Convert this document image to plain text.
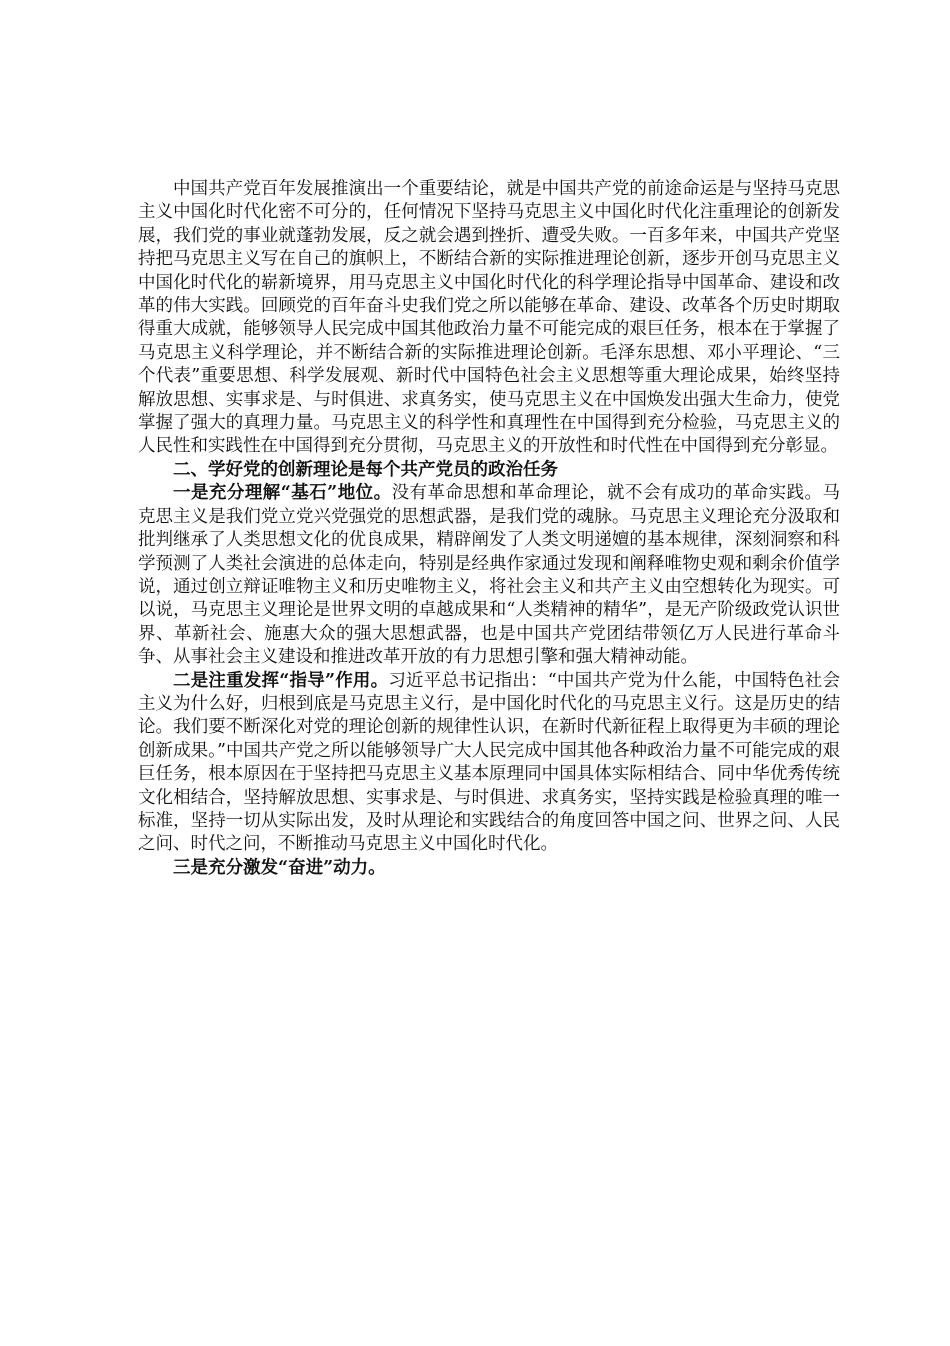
中国共产党百年发展推演出一个重要结论，就是中国共产党的前途命运是与坚持马克思主义中国化时代化密不可分的，任何情况下坚持马克思主义中国化时代化注重理论的创新发展，我们党的事业就蓬勃发展，反之就会遇到挫折、遭受失败。一百多年来，中国共产党坚持把马克思主义写在自己的旗帜上，不断结合新的实际推进理论创新，逐步开创马克思主义中国化时代化的崭新境界，用马克思主义中国化时代化的科学理论指导中国革命、建设和改革的伟大实践。回顾党的百年奋斗史我们党之所以能够在革命、建设、改革各个历史时期取得重大成就，能够领导人民完成中国其他政治力量不可能完成的艰巨任务，根本在于掌握了马克思主义科学理论，并不断结合新的实际推进理论创新。毛泽东思想、邓小平理论、“三个代表”重要思想、科学发展观、新时代中国特色社会主义思想等重大理论成果，始终坚持解放思想、实事求是、与时俱进、求真务实，使马克思主义在中国焕发出强大生命力，使党掌握了强大的真理力量。马克思主义的科学性和真理性在中国得到充分检验，马克思主义的人民性和实践性在中国得到充分贯彻，马克思主义的开放性和时代性在中国得到充分彰显。

二、学好党的创新理论是每个共产党员的政治任务

一是充分理解“基石”地位。没有革命思想和革命理论，就不会有成功的革命实践。马克思主义是我们党立党兴党强党的思想武器，是我们党的魂脉。马克思主义理论充分汲取和批判继承了人类思想文化的优良成果，精辟阐发了人类文明递嬗的基本规律，深刻洞察和科学预测了人类社会演进的总体走向，特别是经典作家通过发现和阐释唯物史观和剩余价值学说，通过创立辩证唯物主义和历史唯物主义，将社会主义和共产主义由空想转化为现实。可以说，马克思主义理论是世界文明的卓越成果和“人类精神的精华”，是无产阶级政党认识世界、革新社会、施惠大众的强大思想武器，也是中国共产党团结带领亿万人民进行革命斗争、从事社会主义建设和推进改革开放的有力思想引擎和强大精神动能。

二是注重发挥“指导”作用。习近平总书记指出：“中国共产党为什么能，中国特色社会主义为什么好，归根到底是马克思主义行，是中国化时代化的马克思主义行。这是历史的结论。我们要不断深化对党的理论创新的规律性认识，在新时代新征程上取得更为丰硕的理论创新成果。”中国共产党之所以能够领导广大人民完成中国其他各种政治力量不可能完成的艰巨任务，根本原因在于坚持把马克思主义基本原理同中国具体实际相结合、同中华优秀传统文化相结合，坚持解放思想、实事求是、与时俱进、求真务实，坚持实践是检验真理的唯一标准，坚持一切从实际出发，及时从理论和实践结合的角度回答中国之问、世界之问、人民之问、时代之问，不断推动马克思主义中国化时代化。

三是充分激发“奋进”动力。
